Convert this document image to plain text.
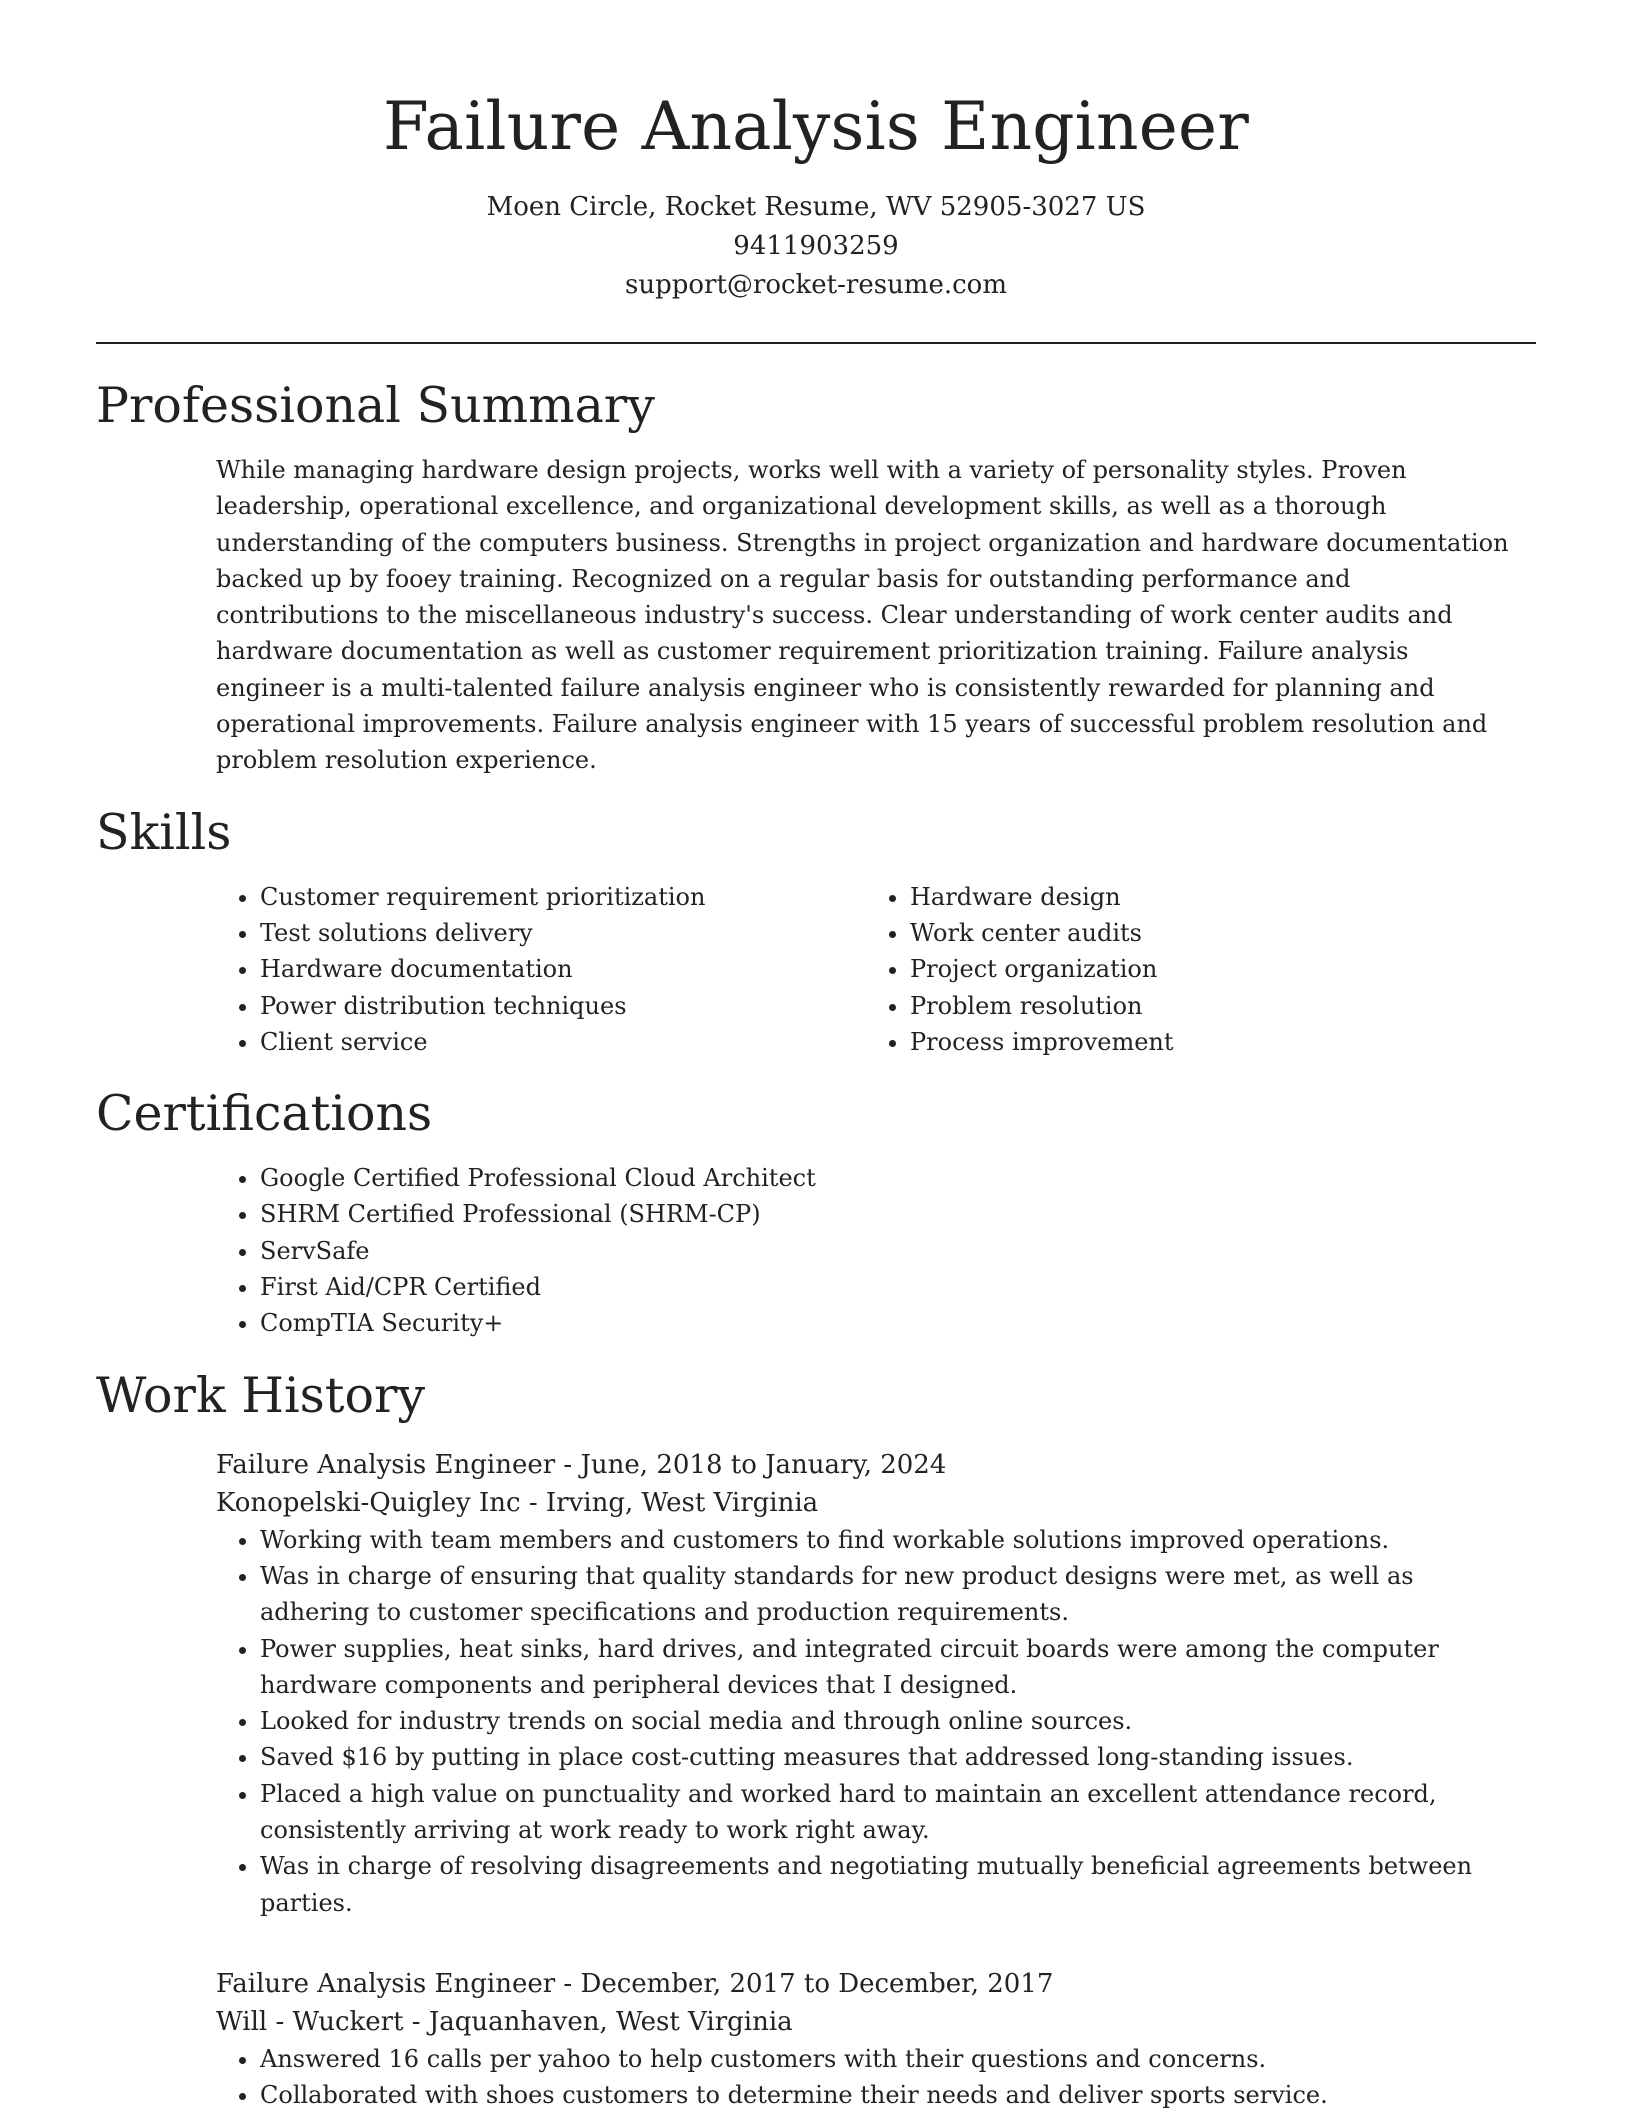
Failure Analysis Engineer
Moen Circle, Rocket Resume, WV 52905-3027 US
9411903259
support@rocket-resume.com
Professional Summary
While managing hardware design projects, works well with a variety of personality styles. Proven leadership, operational excellence, and organizational development skills, as well as a thorough understanding of the computers business. Strengths in project organization and hardware documentation backed up by fooey training. Recognized on a regular basis for outstanding performance and contributions to the miscellaneous industry's success. Clear understanding of work center audits and hardware documentation as well as customer requirement prioritization training. Failure analysis engineer is a multi-talented failure analysis engineer who is consistently rewarded for planning and operational improvements. Failure analysis engineer with 15 years of successful problem resolution and problem resolution experience.
Skills
• Customer requirement prioritization
• Test solutions delivery
• Hardware documentation
• Power distribution techniques
• Client service
• Hardware design
• Work center audits
• Project organization
• Problem resolution
• Process improvement
Certifications
• Google Certified Professional Cloud Architect
• SHRM Certified Professional (SHRM-CP)
• ServSafe
• First Aid/CPR Certified
• CompTIA Security+
Work History
Failure Analysis Engineer - June, 2018 to January, 2024
Konopelski-Quigley Inc - Irving, West Virginia
• Working with team members and customers to find workable solutions improved operations.
• Was in charge of ensuring that quality standards for new product designs were met, as well as adhering to customer specifications and production requirements.
• Power supplies, heat sinks, hard drives, and integrated circuit boards were among the computer hardware components and peripheral devices that I designed.
• Looked for industry trends on social media and through online sources.
• Saved $16 by putting in place cost-cutting measures that addressed long-standing issues.
• Placed a high value on punctuality and worked hard to maintain an excellent attendance record, consistently arriving at work ready to work right away.
• Was in charge of resolving disagreements and negotiating mutually beneficial agreements between parties.
Failure Analysis Engineer - December, 2017 to December, 2017
Will - Wuckert - Jaquanhaven, West Virginia
• Answered 16 calls per yahoo to help customers with their questions and concerns.
• Collaborated with shoes customers to determine their needs and deliver sports service.
